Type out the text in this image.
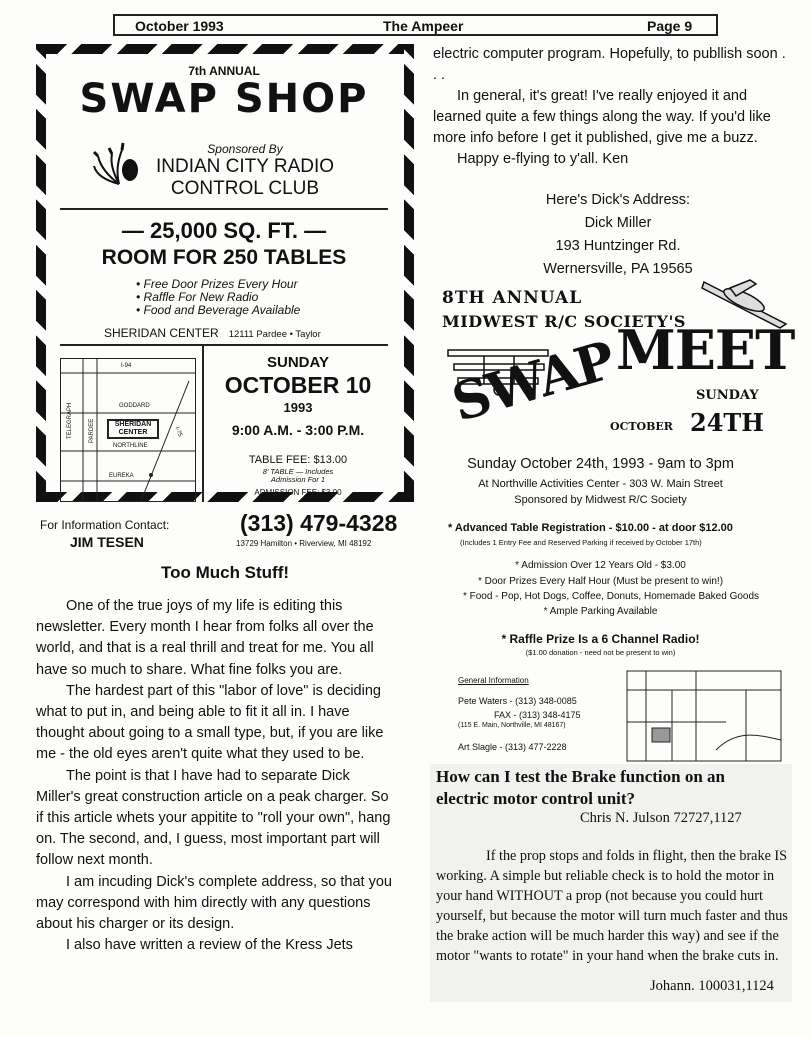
October 1993	The Ampeer	Page 9
7th ANNUAL
SWAP SHOP
Sponsored By
INDIAN CITY RADIO
CONTROL CLUB
— 25,000 SQ. FT. —
ROOM FOR 250 TABLES
• Free Door Prizes Every Hour
• Raffle For New Radio
• Food and Beverage Available
SHERIDAN CENTER 12111 Pardee • Taylor
I-94
GODDARD
NORTHLINE
EUREKA
TELEGRAPH	PARDEE	I-75
SHERIDAN
CENTER
SUNDAY
OCTOBER 10
1993
9:00 A.M. - 3:00 P.M.
TABLE FEE: $13.00
8' TABLE — Includes
Admission For 1
ADMISSION FEE: $3.00
For Information Contact:
JIM TESEN
(313) 479-4328
13729 Hamilton • Riverview, MI 48192
Too Much Stuff!

One of the true joys of my life is editing this newsletter. Every month I hear from folks all over the world, and that is a real thrill and treat for me. You all have so much to share. What fine folks you are.

The hardest part of this "labor of love" is deciding what to put in, and being able to fit it all in. I have thought about going to a small type, but, if you are like me - the old eyes aren't quite what they used to be.

The point is that I have had to separate Dick Miller's great construction article on a peak charger. So if this article whets your appitite to "roll your own", hang on. The second, and, I guess, most important part will follow next month.

I am incuding Dick's complete address, so that you may correspond with him directly with any questions about his charger or its design.

I also have written a review of the Kress Jets

electric computer program. Hopefully, to publlish soon . . .

In general, it's great! I've really enjoyed it and learned quite a few things along the way. If you'd like more info before I get it published, give me a buzz.

Happy e-flying to y'all. Ken

Here's Dick's Address:
Dick Miller
193 Huntzinger Rd.
Wernersville, PA 19565
8TH ANNUAL
MIDWEST R/C SOCIETY'S
SWAP
MEET
SUNDAY
OCTOBER 24TH
Sunday October 24th, 1993 - 9am to 3pm
At Northville Activities Center - 303 W. Main Street
Sponsored by Midwest R/C Society
* Advanced Table Registration - $10.00 - at door $12.00
(Includes 1 Entry Fee and Reserved Parking if received by October 17th)
* Admission Over 12 Years Old - $3.00
* Door Prizes Every Half Hour (Must be present to win!)
* Food - Pop, Hot Dogs, Coffee, Donuts, Homemade Baked Goods
* Ample Parking Available
* Raffle Prize Is a 6 Channel Radio!
($1.00 donation - need not be present to win)
General Information
Pete Waters - (313) 348-0085
FAX - (313) 348-4175
(115 E. Main, Northville, MI 48167)
Art Slagle - (313) 477-2228
How can I test the Brake function on an
electric motor control unit?
Chris N. Julson 72727,1127

If the prop stops and folds in flight, then the brake IS working. A simple but reliable check is to hold the motor in your hand WITHOUT a prop (not because you could hurt yourself, but because the motor will turn much faster and thus the brake action will be much harder this way) and see if the motor "wants to rotate" in your hand when the brake cuts in.

Johann. 100031,1124
